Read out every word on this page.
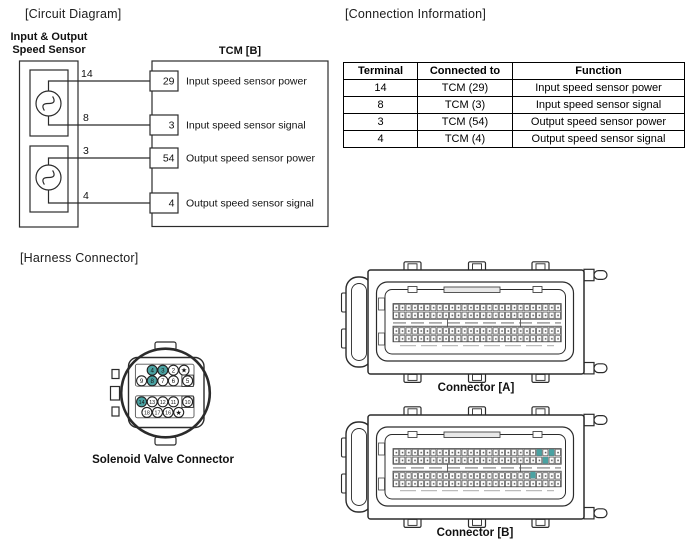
[Circuit Diagram]	[Connection Information]
[Harness Connector]
Input & Output
Speed Sensor	TCM [B]
14
8
3
4
29
3
54
4
Input speed sensor power
Input speed sensor signal
Output speed sensor power
Output speed sensor signal
Terminal	Connected to	Function
14	TCM (29)	Input speed sensor power
8	TCM (3)	Input speed sensor signal
3	TCM (54)	Output speed sensor power
4	TCM (4)	Output speed sensor signal
4 3 2 ★
9 8 7 6 5
14 13 12 11 10
18 17 16 ★
Solenoid Valve Connector
Connector [A]
Connector [B]
